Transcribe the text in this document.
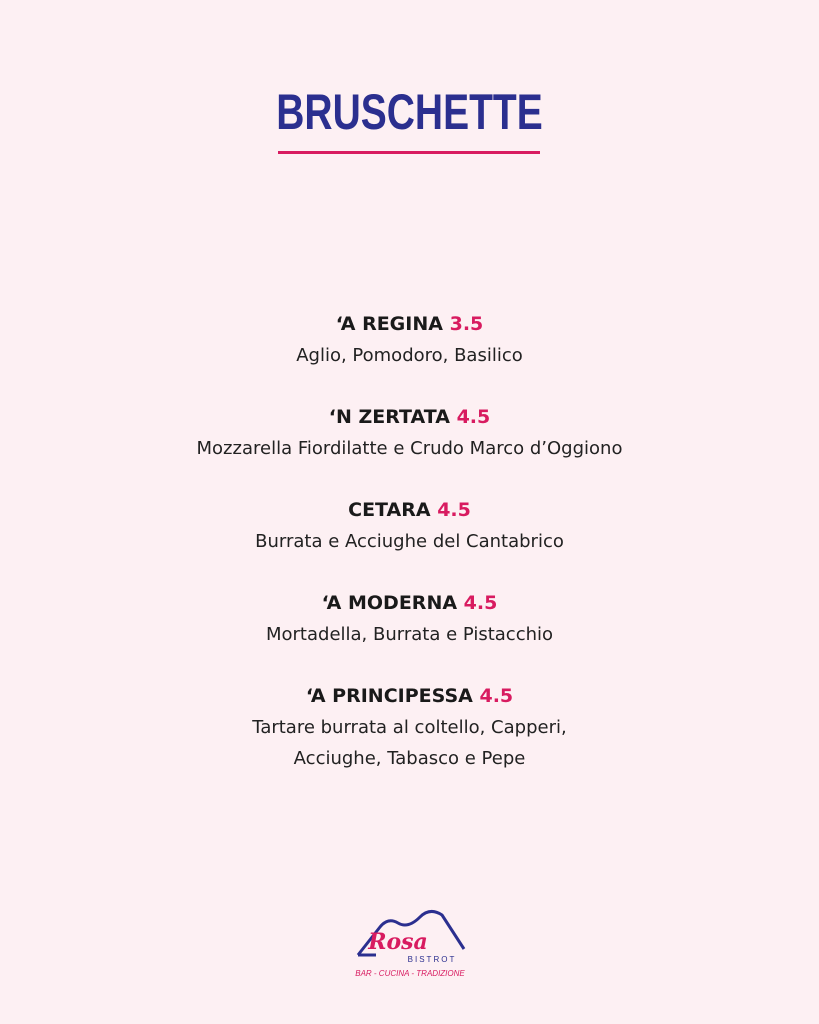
BRUSCHETTE
‘A REGINA 3.5
Aglio, Pomodoro, Basilico
‘N ZERTATA 4.5
Mozzarella Fiordilatte e Crudo Marco d’Oggiono
CETARA 4.5
Burrata e Acciughe del Cantabrico
‘A MODERNA 4.5
Mortadella, Burrata e Pistacchio
‘A PRINCIPESSA 4.5
Tartare burrata al coltello, Capperi,
Acciughe, Tabasco e Pepe
Rosa
BISTROT
BAR - CUCINA - TRADIZIONE
